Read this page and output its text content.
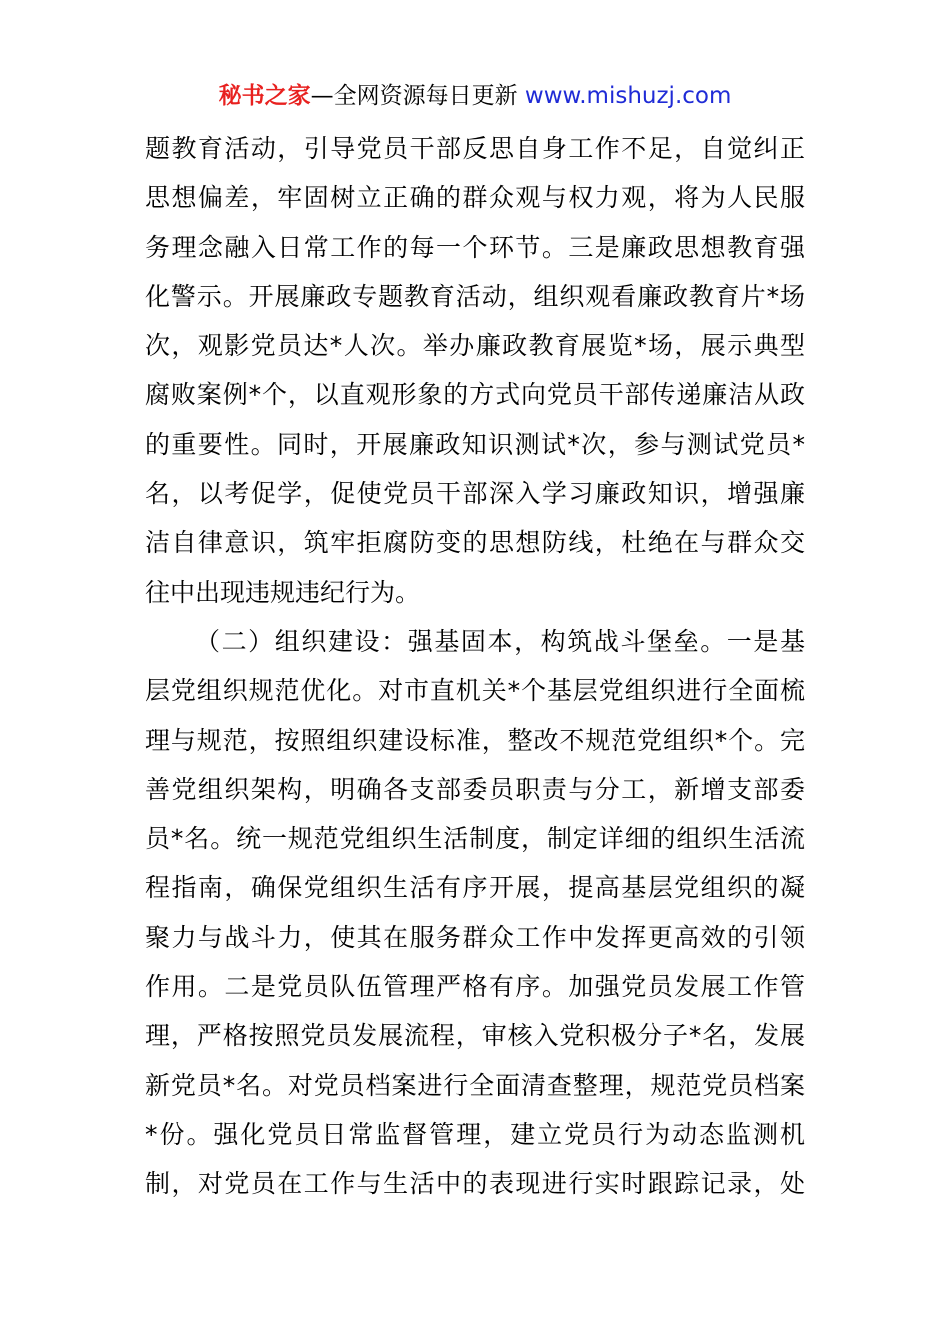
秘书之家—全网资源每日更新 www.mishuzj.com
题教育活动，引导党员干部反思自身工作不足，自觉纠正
思想偏差，牢固树立正确的群众观与权力观，将为人民服
务理念融入日常工作的每一个环节。三是廉政思想教育强
化警示。开展廉政专题教育活动，组织观看廉政教育片*场
次，观影党员达*人次。举办廉政教育展览*场，展示典型
腐败案例*个，以直观形象的方式向党员干部传递廉洁从政
的重要性。同时，开展廉政知识测试*次，参与测试党员*
名，以考促学，促使党员干部深入学习廉政知识，增强廉
洁自律意识，筑牢拒腐防变的思想防线，杜绝在与群众交
往中出现违规违纪行为。
（二）组织建设：强基固本，构筑战斗堡垒。一是基
层党组织规范优化。对市直机关*个基层党组织进行全面梳
理与规范，按照组织建设标准，整改不规范党组织*个。完
善党组织架构，明确各支部委员职责与分工，新增支部委
员*名。统一规范党组织生活制度，制定详细的组织生活流
程指南，确保党组织生活有序开展，提高基层党组织的凝
聚力与战斗力，使其在服务群众工作中发挥更高效的引领
作用。二是党员队伍管理严格有序。加强党员发展工作管
理，严格按照党员发展流程，审核入党积极分子*名，发展
新党员*名。对党员档案进行全面清查整理，规范党员档案
*份。强化党员日常监督管理，建立党员行为动态监测机
制，对党员在工作与生活中的表现进行实时跟踪记录，处
